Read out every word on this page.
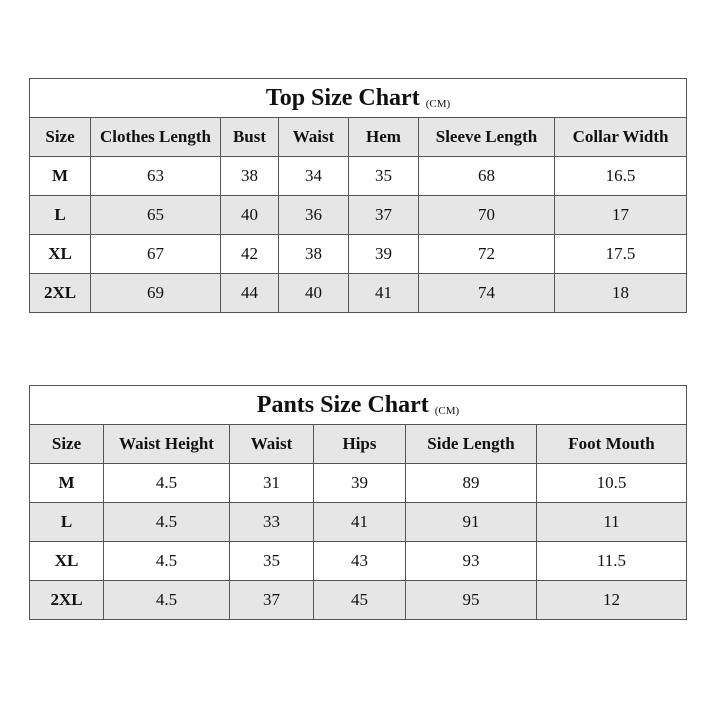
Top Size Chart (CM)						
Size	Clothes Length	Bust	Waist	Hem	Sleeve Length	Collar Width
M	63	38	34	35	68	16.5
L	65	40	36	37	70	17
XL	67	42	38	39	72	17.5
2XL	69	44	40	41	74	18
Pants Size Chart (CM)					
Size	Waist Height	Waist	Hips	Side Length	Foot Mouth
M	4.5	31	39	89	10.5
L	4.5	33	41	91	11
XL	4.5	35	43	93	11.5
2XL	4.5	37	45	95	12
